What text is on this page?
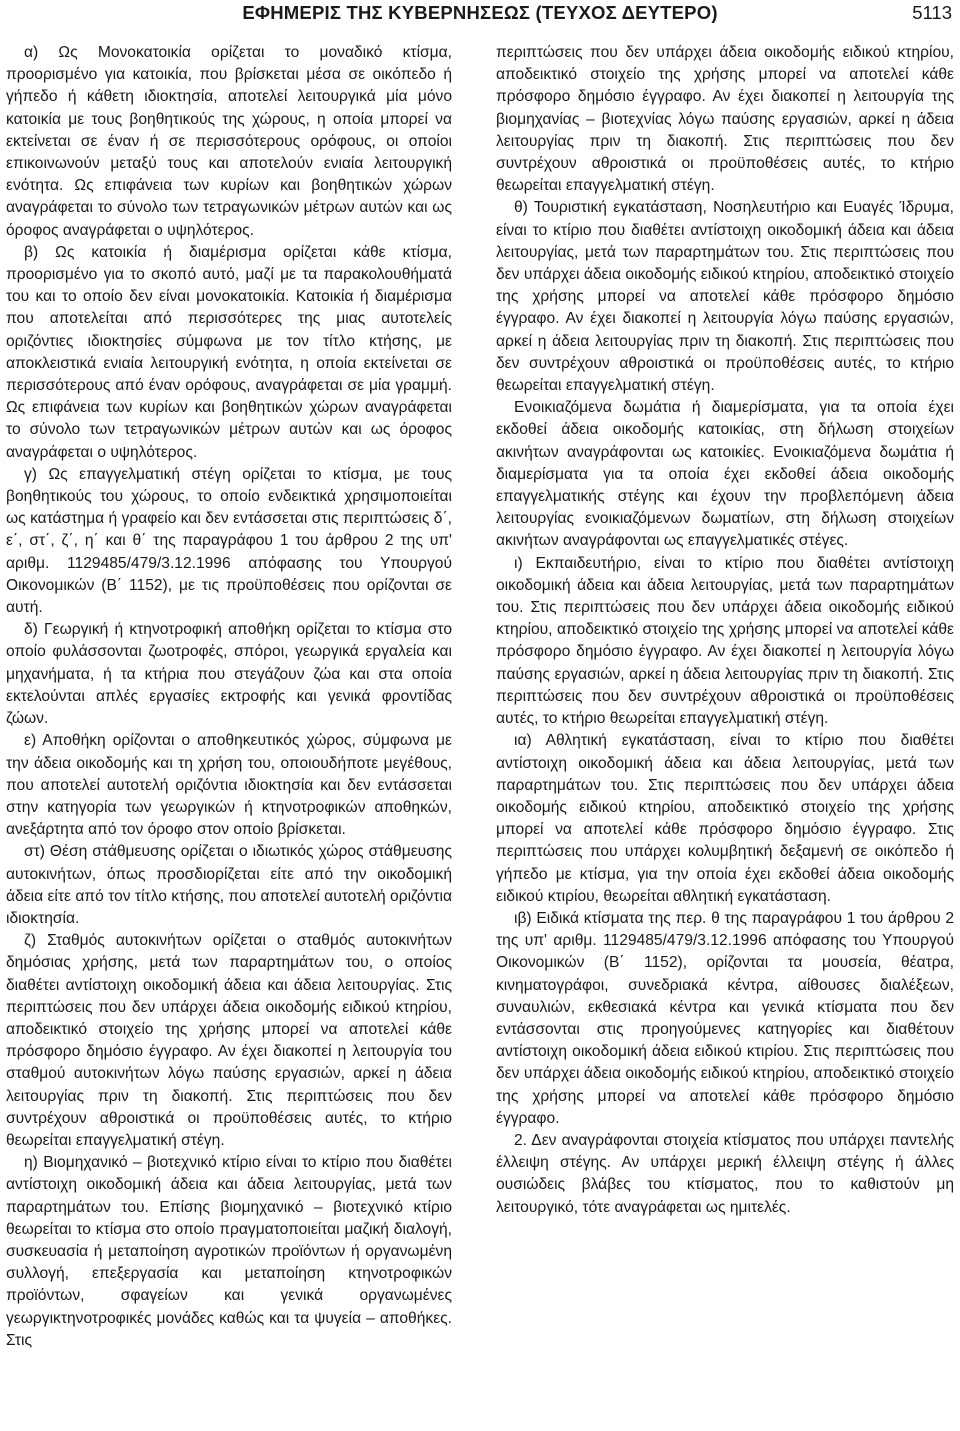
ΕΦΗΜΕΡΙΣ ΤΗΣ ΚΥΒΕΡΝΗΣΕΩΣ (ΤΕΥΧΟΣ ΔΕΥΤΕΡΟ)	5113

α) Ως Μονοκατοικία ορίζεται το μοναδικό κτίσμα, προορισμένο για κατοικία, που βρίσκεται μέσα σε οικόπεδο ή γήπεδο ή κάθετη ιδιοκτησία, αποτελεί λειτουργικά μία μόνο κατοικία με τους βοηθητικούς της χώρους, η οποία μπορεί να εκτείνεται σε έναν ή σε περισσότερους ορόφους, οι οποίοι επικοινωνούν μεταξύ τους και αποτελούν ενιαία λειτουργική ενότητα. Ως επιφάνεια των κυρίων και βοηθητικών χώρων αναγράφεται το σύνολο των τετραγωνικών μέτρων αυτών και ως όροφος αναγράφεται ο υψηλότερος.

β) Ως κατοικία ή διαμέρισμα ορίζεται κάθε κτίσμα, προορισμένο για το σκοπό αυτό, μαζί με τα παρακολουθήματά του και το οποίο δεν είναι μονοκατοικία. Κατοικία ή διαμέρισμα που αποτελείται από περισσότερες της μιας αυτοτελείς οριζόντιες ιδιοκτησίες σύμφωνα με τον τίτλο κτήσης, με αποκλειστικά ενιαία λειτουργική ενότητα, η οποία εκτείνεται σε περισσότερους από έναν ορόφους, αναγράφεται σε μία γραμμή. Ως επιφάνεια των κυρίων και βοηθητικών χώρων αναγράφεται το σύνολο των τετραγωνικών μέτρων αυτών και ως όροφος αναγράφεται ο υψηλότερος.

γ) Ως επαγγελματική στέγη ορίζεται το κτίσμα, με τους βοηθητικούς του χώρους, το οποίο ενδεικτικά χρησιμοποιείται ως κατάστημα ή γραφείο και δεν εντάσσεται στις περιπτώσεις δ΄, ε΄, στ΄, ζ΄, η΄ και θ΄ της παραγράφου 1 του άρθρου 2 της υπ' αριθμ. 1129485/479/3.12.1996 απόφασης του Υπουργού Οικονομικών (Β΄ 1152), με τις προϋποθέσεις που ορίζονται σε αυτή.

δ) Γεωργική ή κτηνοτροφική αποθήκη ορίζεται το κτίσμα στο οποίο φυλάσσονται ζωοτροφές, σπόροι, γεωργικά εργαλεία και μηχανήματα, ή τα κτήρια που στεγάζουν ζώα και στα οποία εκτελούνται απλές εργασίες εκτροφής και γενικά φροντίδας ζώων.

ε) Αποθήκη ορίζονται ο αποθηκευτικός χώρος, σύμφωνα με την άδεια οικοδομής και τη χρήση του, οποιουδήποτε μεγέθους, που αποτελεί αυτοτελή οριζόντια ιδιοκτησία και δεν εντάσσεται στην κατηγορία των γεωργικών ή κτηνοτροφικών αποθηκών, ανεξάρτητα από τον όροφο στον οποίο βρίσκεται.

στ) Θέση στάθμευσης ορίζεται ο ιδιωτικός χώρος στάθμευσης αυτοκινήτων, όπως προσδιορίζεται είτε από την οικοδομική άδεια είτε από τον τίτλο κτήσης, που αποτελεί αυτοτελή οριζόντια ιδιοκτησία.

ζ) Σταθμός αυτοκινήτων ορίζεται ο σταθμός αυτοκινήτων δημόσιας χρήσης, μετά των παραρτημάτων του, ο οποίος διαθέτει αντίστοιχη οικοδομική άδεια και άδεια λειτουργίας. Στις περιπτώσεις που δεν υπάρχει άδεια οικοδομής ειδικού κτηρίου, αποδεικτικό στοιχείο της χρήσης μπορεί να αποτελεί κάθε πρόσφορο δημόσιο έγγραφο. Αν έχει διακοπεί η λειτουργία του σταθμού αυτοκινήτων λόγω παύσης εργασιών, αρκεί η άδεια λειτουργίας πριν τη διακοπή. Στις περιπτώσεις που δεν συντρέχουν αθροιστικά οι προϋποθέσεις αυτές, το κτήριο θεωρείται επαγγελματική στέγη.

η) Βιομηχανικό – βιοτεχνικό κτίριο είναι το κτίριο που διαθέτει αντίστοιχη οικοδομική άδεια και άδεια λειτουργίας, μετά των παραρτημάτων του. Επίσης βιομηχανικό – βιοτεχνικό κτίριο θεωρείται το κτίσμα στο οποίο πραγματοποιείται μαζική διαλογή, συσκευασία ή μεταποίηση αγροτικών προϊόντων ή οργανωμένη συλλογή, επεξεργασία και μεταποίηση κτηνοτροφικών προϊόντων, σφαγείων και γενικά οργανωμένες γεωργικτηνοτροφικές μονάδες καθώς και τα ψυγεία – αποθήκες. Στις

περιπτώσεις που δεν υπάρχει άδεια οικοδομής ειδικού κτηρίου, αποδεικτικό στοιχείο της χρήσης μπορεί να αποτελεί κάθε πρόσφορο δημόσιο έγγραφο. Αν έχει διακοπεί η λειτουργία της βιομηχανίας – βιοτεχνίας λόγω παύσης εργασιών, αρκεί η άδεια λειτουργίας πριν τη διακοπή. Στις περιπτώσεις που δεν συντρέχουν αθροιστικά οι προϋποθέσεις αυτές, το κτήριο θεωρείται επαγγελματική στέγη.

θ) Τουριστική εγκατάσταση, Νοσηλευτήριο και Ευαγές Ίδρυμα, είναι το κτίριο που διαθέτει αντίστοιχη οικοδομική άδεια και άδεια λειτουργίας, μετά των παραρτημάτων του. Στις περιπτώσεις που δεν υπάρχει άδεια οικοδομής ειδικού κτηρίου, αποδεικτικό στοιχείο της χρήσης μπορεί να αποτελεί κάθε πρόσφορο δημόσιο έγγραφο. Αν έχει διακοπεί η λειτουργία λόγω παύσης εργασιών, αρκεί η άδεια λειτουργίας πριν τη διακοπή. Στις περιπτώσεις που δεν συντρέχουν αθροιστικά οι προϋποθέσεις αυτές, το κτήριο θεωρείται επαγγελματική στέγη.

Ενοικιαζόμενα δωμάτια ή διαμερίσματα, για τα οποία έχει εκδοθεί άδεια οικοδομής κατοικίας, στη δήλωση στοιχείων ακινήτων αναγράφονται ως κατοικίες. Ενοικιαζόμενα δωμάτια ή διαμερίσματα για τα οποία έχει εκδοθεί άδεια οικοδομής επαγγελματικής στέγης και έχουν την προβλεπόμενη άδεια λειτουργίας ενοικιαζόμενων δωματίων, στη δήλωση στοιχείων ακινήτων αναγράφονται ως επαγγελματικές στέγες.

ι) Εκπαιδευτήριο, είναι το κτίριο που διαθέτει αντίστοιχη οικοδομική άδεια και άδεια λειτουργίας, μετά των παραρτημάτων του. Στις περιπτώσεις που δεν υπάρχει άδεια οικοδομής ειδικού κτηρίου, αποδεικτικό στοιχείο της χρήσης μπορεί να αποτελεί κάθε πρόσφορο δημόσιο έγγραφο. Αν έχει διακοπεί η λειτουργία λόγω παύσης εργασιών, αρκεί η άδεια λειτουργίας πριν τη διακοπή. Στις περιπτώσεις που δεν συντρέχουν αθροιστικά οι προϋποθέσεις αυτές, το κτήριο θεωρείται επαγγελματική στέγη.

ια) Αθλητική εγκατάσταση, είναι το κτίριο που διαθέτει αντίστοιχη οικοδομική άδεια και άδεια λειτουργίας, μετά των παραρτημάτων του. Στις περιπτώσεις που δεν υπάρχει άδεια οικοδομής ειδικού κτηρίου, αποδεικτικό στοιχείο της χρήσης μπορεί να αποτελεί κάθε πρόσφορο δημόσιο έγγραφο. Στις περιπτώσεις που υπάρχει κολυμβητική δεξαμενή σε οικόπεδο ή γήπεδο με κτίσμα, για την οποία έχει εκδοθεί άδεια οικοδομής ειδικού κτιρίου, θεωρείται αθλητική εγκατάσταση.

ιβ) Ειδικά κτίσματα της περ. θ της παραγράφου 1 του άρθρου 2 της υπ' αριθμ. 1129485/479/3.12.1996 απόφασης του Υπουργού Οικονομικών (Β΄ 1152), ορίζονται τα μουσεία, θέατρα, κινηματογράφοι, συνεδριακά κέντρα, αίθουσες διαλέξεων, συναυλιών, εκθεσιακά κέντρα και γενικά κτίσματα που δεν εντάσσονται στις προηγούμενες κατηγορίες και διαθέτουν αντίστοιχη οικοδομική άδεια ειδικού κτιρίου. Στις περιπτώσεις που δεν υπάρχει άδεια οικοδομής ειδικού κτηρίου, αποδεικτικό στοιχείο της χρήσης μπορεί να αποτελεί κάθε πρόσφορο δημόσιο έγγραφο.

2. Δεν αναγράφονται στοιχεία κτίσματος που υπάρχει παντελής έλλειψη στέγης. Αν υπάρχει μερική έλλειψη στέγης ή άλλες ουσιώδεις βλάβες του κτίσματος, που το καθιστούν μη λειτουργικό, τότε αναγράφεται ως ημιτελές.
